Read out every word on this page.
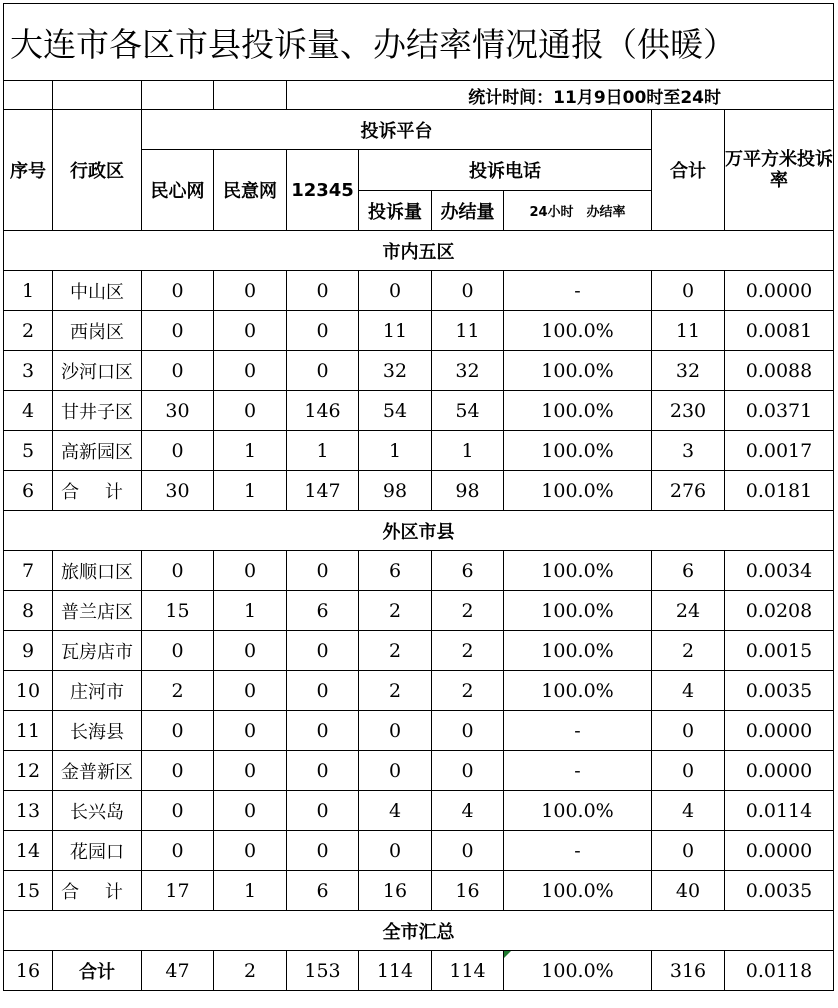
大连市各区市县投诉量、办结率情况通报（供暖）									
				统计时间：11月9日00时至24时					
序号	行政区	投诉平台						合计	万平方米投诉率
		民心网	民意网	12345	投诉电话				
					投诉量	办结量	24小时　办结率		
市内五区									
1	中山区	0	0	0	0	0	-	0	0.0000
2	西岗区	0	0	0	11	11	100.0%	11	0.0081
3	沙河口区	0	0	0	32	32	100.0%	32	0.0088
4	甘井子区	30	0	146	54	54	100.0%	230	0.0371
5	高新园区	0	1	1	1	1	100.0%	3	0.0017
6	合 计	30	1	147	98	98	100.0%	276	0.0181
外区市县									
7	旅顺口区	0	0	0	6	6	100.0%	6	0.0034
8	普兰店区	15	1	6	2	2	100.0%	24	0.0208
9	瓦房店市	0	0	0	2	2	100.0%	2	0.0015
10	庄河市	2	0	0	2	2	100.0%	4	0.0035
11	长海县	0	0	0	0	0	-	0	0.0000
12	金普新区	0	0	0	0	0	-	0	0.0000
13	长兴岛	0	0	0	4	4	100.0%	4	0.0114
14	花园口	0	0	0	0	0	-	0	0.0000
15	合 计	17	1	6	16	16	100.0%	40	0.0035
全市汇总									
16	合计	47	2	153	114	114	100.0%	316	0.0118
